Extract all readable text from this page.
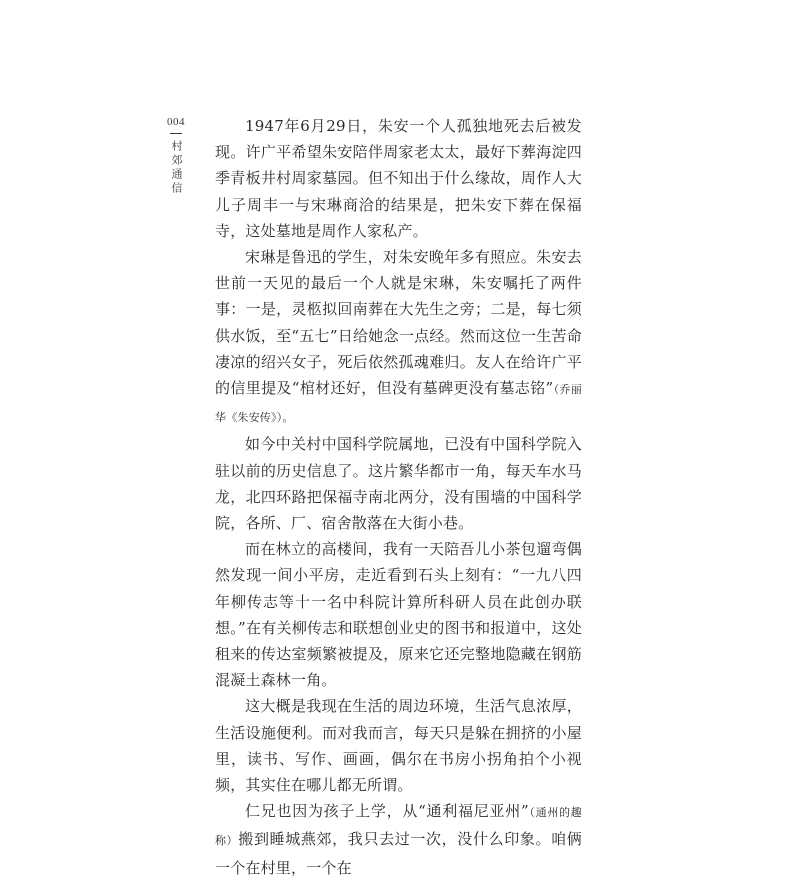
004
村郊通信

1947年6月29日，朱安一个人孤独地死去后被发现。许广平希望朱安陪伴周家老太太，最好下葬海淀四季青板井村周家墓园。但不知出于什么缘故，周作人大儿子周丰一与宋琳商洽的结果是，把朱安下葬在保福寺，这处墓地是周作人家私产。

宋琳是鲁迅的学生，对朱安晚年多有照应。朱安去世前一天见的最后一个人就是宋琳，朱安嘱托了两件事：一是，灵柩拟回南葬在大先生之旁；二是，每七须供水饭，至“五七”日给她念一点经。然而这位一生苦命凄凉的绍兴女子，死后依然孤魂难归。友人在给许广平的信里提及“棺材还好，但没有墓碑更没有墓志铭”（乔丽华《朱安传》）。

如今中关村中国科学院属地，已没有中国科学院入驻以前的历史信息了。这片繁华都市一角，每天车水马龙，北四环路把保福寺南北两分，没有围墙的中国科学院，各所、厂、宿舍散落在大街小巷。

而在林立的高楼间，我有一天陪吾儿小茶包遛弯偶然发现一间小平房，走近看到石头上刻有：“一九八四年柳传志等十一名中科院计算所科研人员在此创办联想。”在有关柳传志和联想创业史的图书和报道中，这处租来的传达室频繁被提及，原来它还完整地隐藏在钢筋混凝土森林一角。

这大概是我现在生活的周边环境，生活气息浓厚，生活设施便利。而对我而言，每天只是躲在拥挤的小屋里，读书、写作、画画，偶尔在书房小拐角拍个小视频，其实住在哪儿都无所谓。

仁兄也因为孩子上学，从“通利福尼亚州”（通州的趣称）搬到睡城燕郊，我只去过一次，没什么印象。咱俩一个在村里，一个在
